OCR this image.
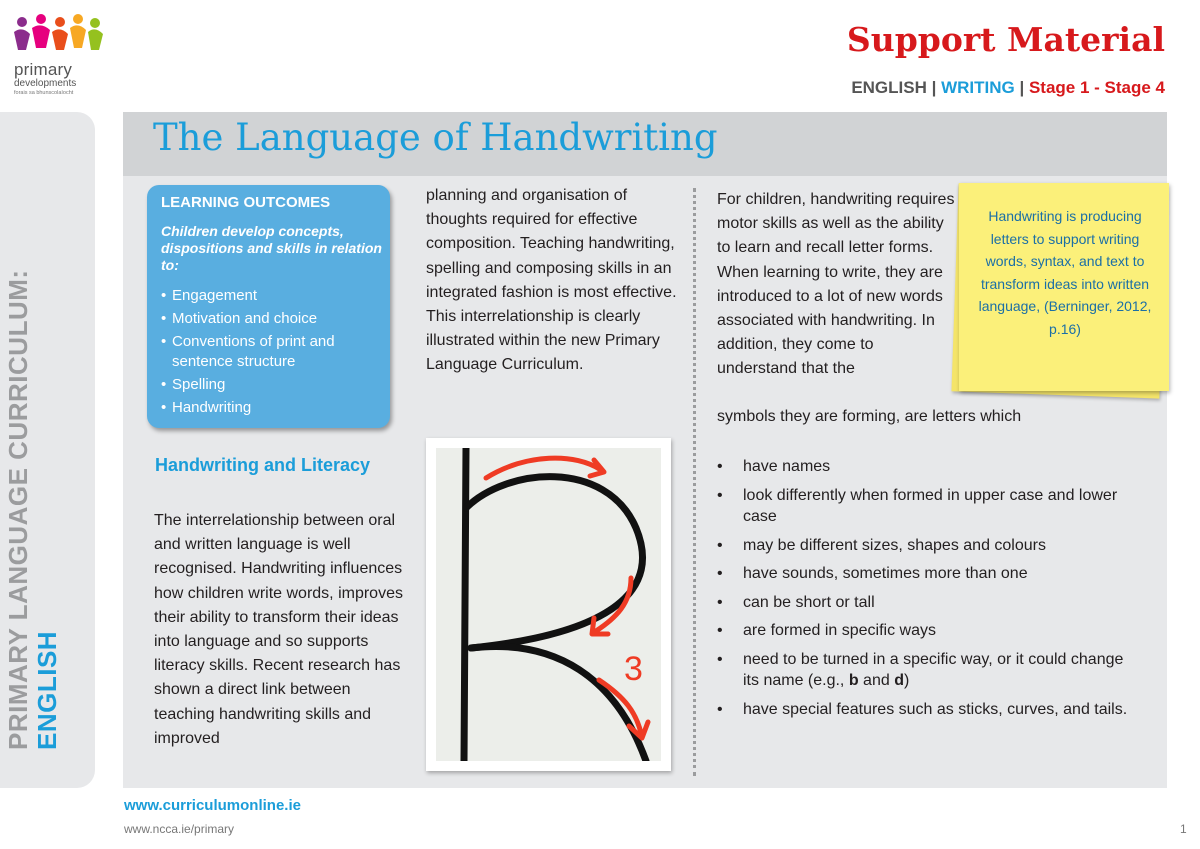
primary
developments
forais sa bhunscolaíocht
Support Material
ENGLISH | WRITING | Stage 1 - Stage 4
PRIMARY LANGUAGE CURRICULUM: ENGLISH
The Language of Handwriting
LEARNING OUTCOMES
Children develop concepts, dispositions and skills in relation to:
• Engagement
• Motivation and choice
• Conventions of print and sentence structure
• Spelling
• Handwriting
Handwriting and Literacy
The interrelationship between oral and written language is well recognised. Handwriting influences how children write words, improves their ability to transform their ideas into language and so supports literacy skills. Recent research has shown a direct link between teaching handwriting skills and improved
planning and organisation of thoughts required for effective composition. Teaching handwriting, spelling and composing skills in an integrated fashion is most effective. This interrelationship is clearly illustrated within the new Primary Language Curriculum.
3
For children, handwriting requires motor skills as well as the ability to learn and recall letter forms. When learning to write, they are introduced to a lot of new words associated with handwriting. In addition, they come to understand that the
symbols they are forming, are letters which
• have names
• look differently when formed in upper case and lower case
• may be different sizes, shapes and colours
• have sounds, sometimes more than one
• can be short or tall
• are formed in specific ways
• need to be turned in a specific way, or it could change its name (e.g., b and d)
• have special features such as sticks, curves, and tails.
Handwriting is producing letters to support writing words, syntax, and text to transform ideas into written language, (Berninger, 2012, p.16)
www.curriculumonline.ie
www.ncca.ie/primary	1
